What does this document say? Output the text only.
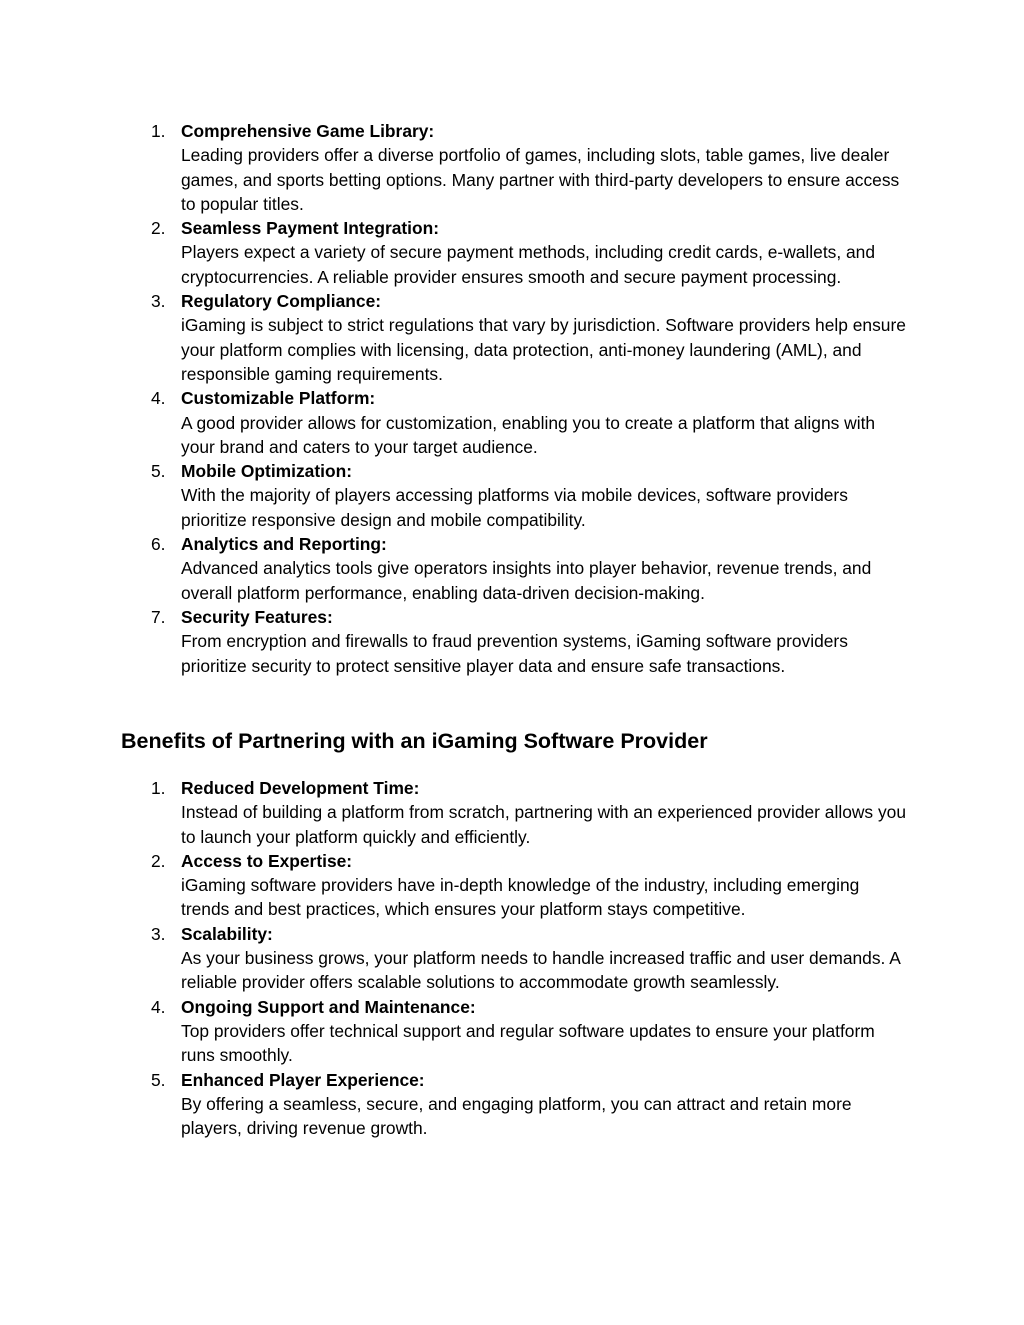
1. Comprehensive Game Library:
Leading providers offer a diverse portfolio of games, including slots, table games, live dealer games, and sports betting options. Many partner with third-party developers to ensure access to popular titles.
2. Seamless Payment Integration:
Players expect a variety of secure payment methods, including credit cards, e-wallets, and cryptocurrencies. A reliable provider ensures smooth and secure payment processing.
3. Regulatory Compliance:
iGaming is subject to strict regulations that vary by jurisdiction. Software providers help ensure your platform complies with licensing, data protection, anti-money laundering (AML), and responsible gaming requirements.
4. Customizable Platform:
A good provider allows for customization, enabling you to create a platform that aligns with your brand and caters to your target audience.
5. Mobile Optimization:
With the majority of players accessing platforms via mobile devices, software providers prioritize responsive design and mobile compatibility.
6. Analytics and Reporting:
Advanced analytics tools give operators insights into player behavior, revenue trends, and overall platform performance, enabling data-driven decision-making.
7. Security Features:
From encryption and firewalls to fraud prevention systems, iGaming software providers prioritize security to protect sensitive player data and ensure safe transactions.
Benefits of Partnering with an iGaming Software Provider
1. Reduced Development Time:
Instead of building a platform from scratch, partnering with an experienced provider allows you to launch your platform quickly and efficiently.
2. Access to Expertise:
iGaming software providers have in-depth knowledge of the industry, including emerging trends and best practices, which ensures your platform stays competitive.
3. Scalability:
As your business grows, your platform needs to handle increased traffic and user demands. A reliable provider offers scalable solutions to accommodate growth seamlessly.
4. Ongoing Support and Maintenance:
Top providers offer technical support and regular software updates to ensure your platform runs smoothly.
5. Enhanced Player Experience:
By offering a seamless, secure, and engaging platform, you can attract and retain more players, driving revenue growth.
